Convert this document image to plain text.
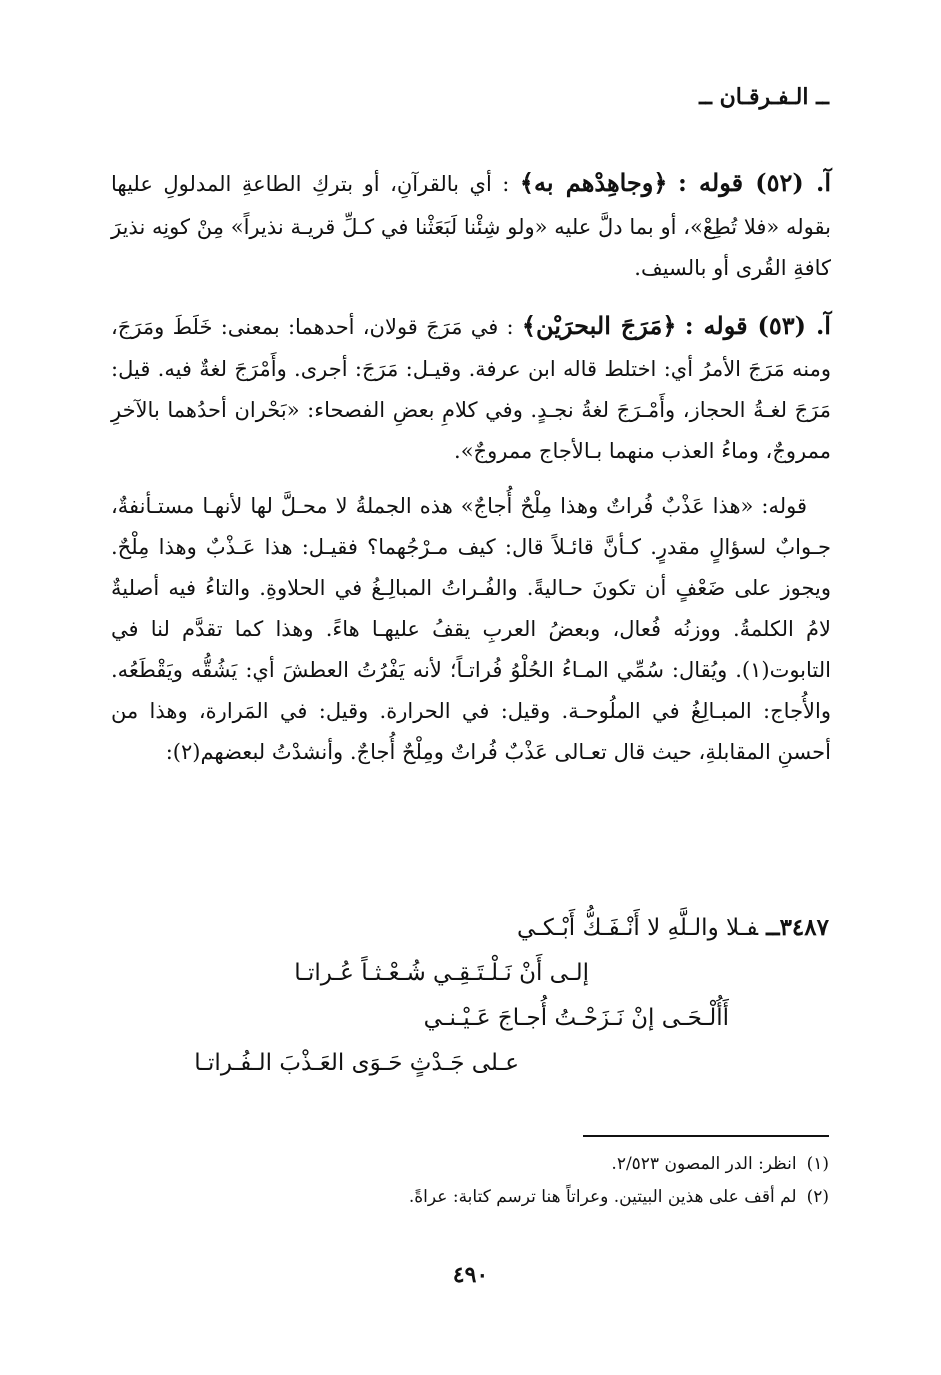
ــ الـفـرقـان ــ

آ. (٥٢) قوله : ﴿وجاهِدْهم به﴾ : أي بالقرآنِ، أو بتركِ الطاعةِ المدلولِ عليها بقوله «فلا تُطِعْ»، أو بما دلَّ عليه «ولو شِئْنا لَبَعَثْنا في كـلِّ قريـة نذيراً» مِنْ كونِه نذيرَ كافةِ القُرى أو بالسيف.

آ. (٥٣) قوله : ﴿مَرَجَ البحرَيْن﴾ : في مَرَجَ قولان، أحدهما: بمعنى: خَلَطَ ومَرَجَ، ومنه مَرَجَ الأمرُ أي: اختلط قاله ابن عرفة. وقيـل: مَرَجَ: أجرى. وأَمْرَجَ لغةٌ فيه. قيل: مَرَجَ لغـةُ الحجاز، وأَمْـرَجَ لغةُ نجـدٍ. وفي كلامِ بعضِ الفصحاء: «بَحْران أحدُهما بالآخرِ ممروجٌ، وماءُ العذب منهما بـالأجاج ممروجٌ».

قوله: «هذا عَذْبٌ فُراتٌ وهذا مِلْحٌ أُجاجٌ» هذه الجملةُ لا محـلَّ لها لأنهـا مستـأنفةٌ، جـوابٌ لسؤالٍ مقدرٍ. كـأنَّ قائـلاً قال: كيف مـرْجُهما؟ فقيـل: هذا عَـذْبٌ وهذا مِلْحٌ. ويجوز على ضَعْفٍ أن تكونَ حـاليةً. والفُـراتُ المبالِـغُ في الحلاوةِ. والتاءُ فيه أصليةٌ لامُ الكلمةُ. ووزنُه فُعال، وبعضُ العربِ يقفُ عليهـا هاءً. وهذا كما تقدَّم لنا في التابوت(١). ويُقال: سُمِّي المـاءُ الحُلْوُ فُراتـاً؛ لأنه يَفْرُتُ العطشَ أي: يَشُقُّه ويَقْطَعُه. والأُجاج: المبـالِغُ في الملُوحـة. وقيل: في الحرارة. وقيل: في المَرارة، وهذا من أحسنِ المقابلةِ، حيث قال تعـالى عَذْبٌ فُراتٌ ومِلْحٌ أُجاجٌ. وأنشدْتُ لبعضهم(٢):

٣٤٨٧ــفـلا والـلَّهِ لا أَنْـفَـكُّ أَبْـكـي
إلـى أَنْ نَـلْـتَـقِـي شُـعْـثـاً عُـراتـا
أَأُلْـحَـى إنْ نَـزَحْـتُ أُجـاجَ عَـيْـنـي
عـلى جَـدْثٍ حَـوَى العَـذْبَ الـفُـراتـا
(١)انظر: الدر المصون ٢/٥٢٣.
(٢)لم أقف على هذين البيتين. وعراتاً هنا ترسم كتابة: عراةً.
٤٩٠
